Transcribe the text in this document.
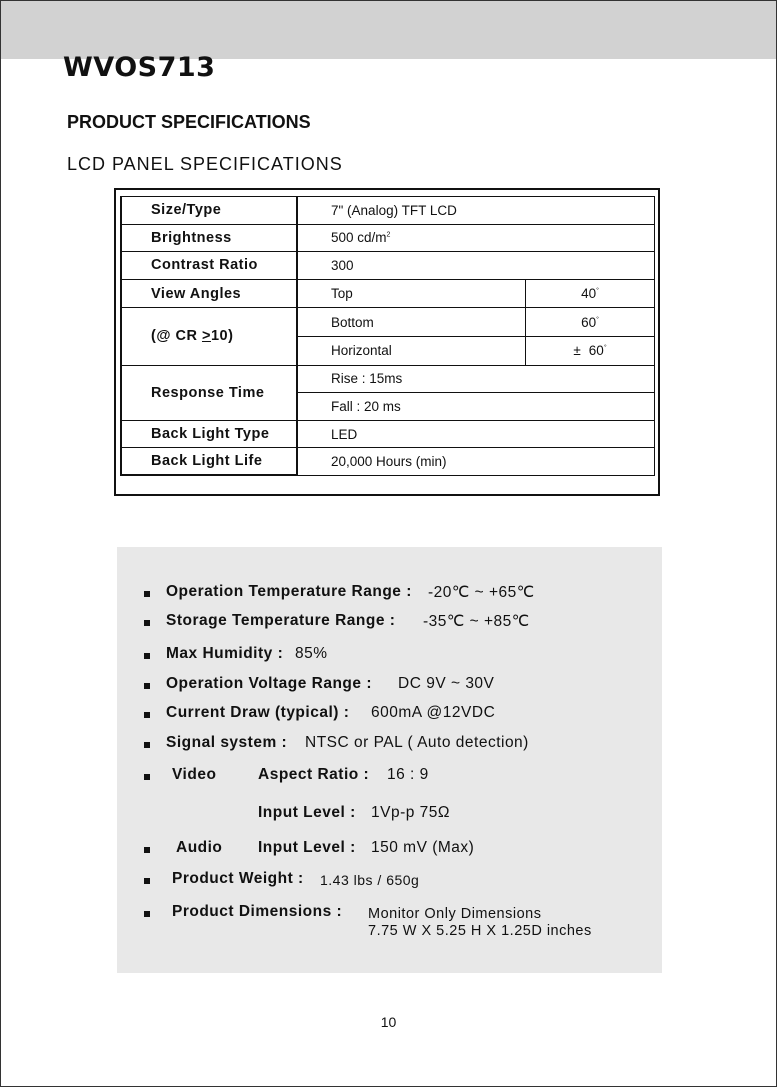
WVOS713
PRODUCT SPECIFICATIONS
LCD PANEL SPECIFICATIONS
Size/Type	7" (Analog) TFT LCD	
Brightness	500 $cd/m^2$
Contrast Ratio	300	
View Angles	Top	40°
(@ CR ≥10)	Bottom	60°
	Horizontal	± 60°
Response Time	Rise : 15ms	
	Fall : 20 ms	
Back Light Type	LED	
Back Light Life	20,000 Hours (min)	
Operation Temperature Range : -20℃ ~ +65℃
Storage Temperature Range : -35℃ ~ +85℃
Max Humidity : 85%
Operation Voltage Range : DC 9V ~ 30V
Current Draw (typical) : 600mA @12VDC
Signal system : NTSC or PAL ( Auto detection)
Video	Aspect Ratio : 16 : 9
Input Level : 1Vp-p 75Ω
Audio Input Level : 150 mV (Max)
Product Weight : 1.43 lbs / 650g
Product Dimensions : Monitor Only Dimensions
7.75 W X 5.25 H X 1.25D inches
10
